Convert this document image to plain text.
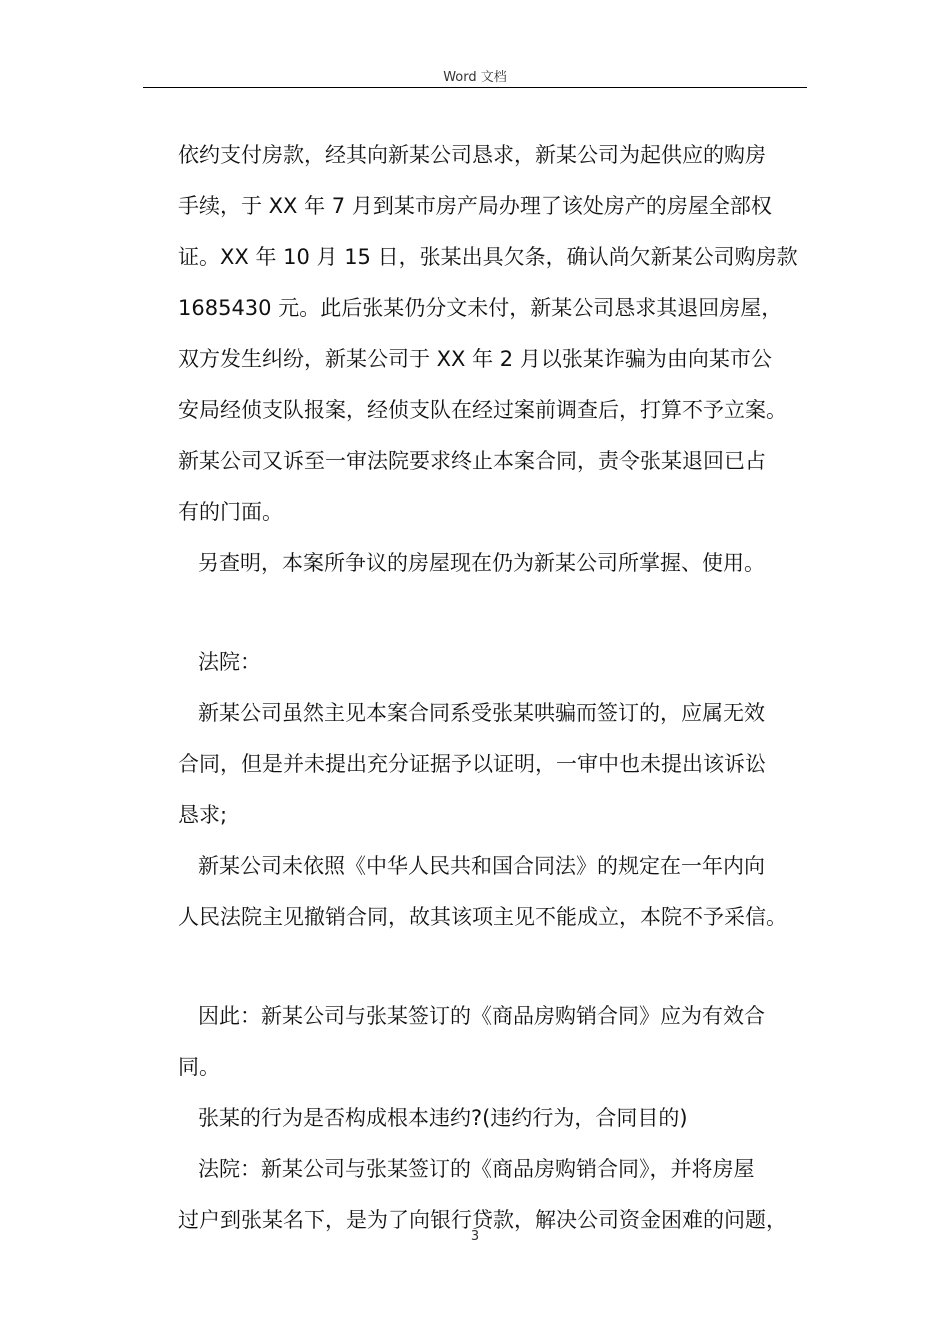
Word 文档
依约支付房款，经其向新某公司恳求，新某公司为起供应的购房
手续，于 XX 年 7 月到某市房产局办理了该处房产的房屋全部权
证。XX 年 10 月 15 日，张某出具欠条，确认尚欠新某公司购房款
1685430 元。此后张某仍分文未付，新某公司恳求其退回房屋，
双方发生纠纷，新某公司于 XX 年 2 月以张某诈骗为由向某市公
安局经侦支队报案，经侦支队在经过案前调查后，打算不予立案。
新某公司又诉至一审法院要求终止本案合同，责令张某退回已占
有的门面。
另查明，本案所争议的房屋现在仍为新某公司所掌握、使用。
法院：
新某公司虽然主见本案合同系受张某哄骗而签订的，应属无效
合同，但是并未提出充分证据予以证明，一审中也未提出该诉讼
恳求;
新某公司未依照《中华人民共和国合同法》的规定在一年内向
人民法院主见撤销合同，故其该项主见不能成立，本院不予采信。
因此：新某公司与张某签订的《商品房购销合同》应为有效合
同。
张某的行为是否构成根本违约?(违约行为，合同目的)
法院：新某公司与张某签订的《商品房购销合同》，并将房屋
过户到张某名下，是为了向银行贷款，解决公司资金困难的问题，
3
